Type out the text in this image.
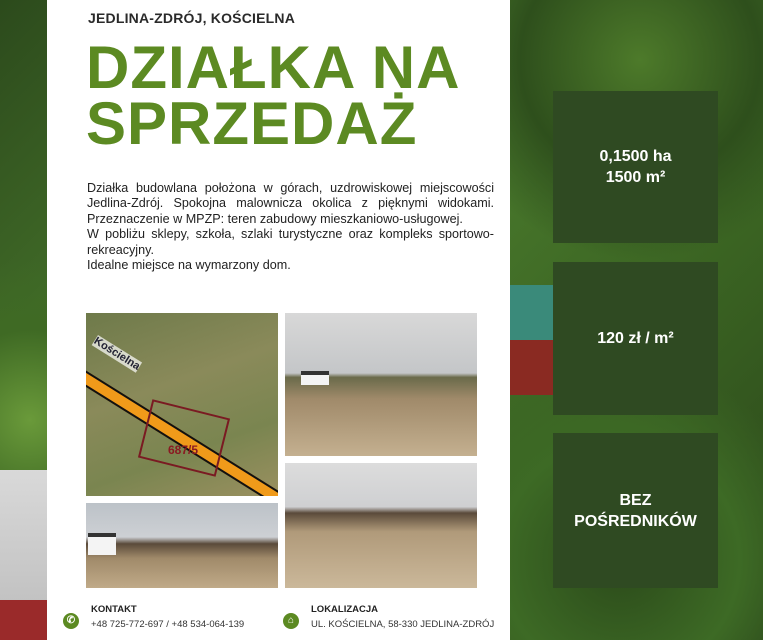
JEDLINA-ZDRÓJ, KOŚCIELNA
DZIAŁKA NA
SPRZEDAŻ

Działka budowlana położona w górach, uzdrowiskowej miejscowości Jedlina-Zdrój. Spokojna malownicza okolica z pięknymi widokami. Przeznaczenie w MPZP: teren zabudowy mieszkaniowo-usługowej.

W pobliżu sklepy, szkoła, szlaki turystyczne oraz kompleks sportowo-rekreacyjny.

Idealne miejsce na wymarzony dom.

Kościelna
687/5
0,1500 ha
1500 m²
120 zł / m²
BEZ
POŚREDNIKÓW
✆
KONTAKT
+48 725-772-697 / +48 534-064-139	⌂
LOKALIZACJA
UL. KOŚCIELNA, 58-330 JEDLINA-ZDRÓJ
